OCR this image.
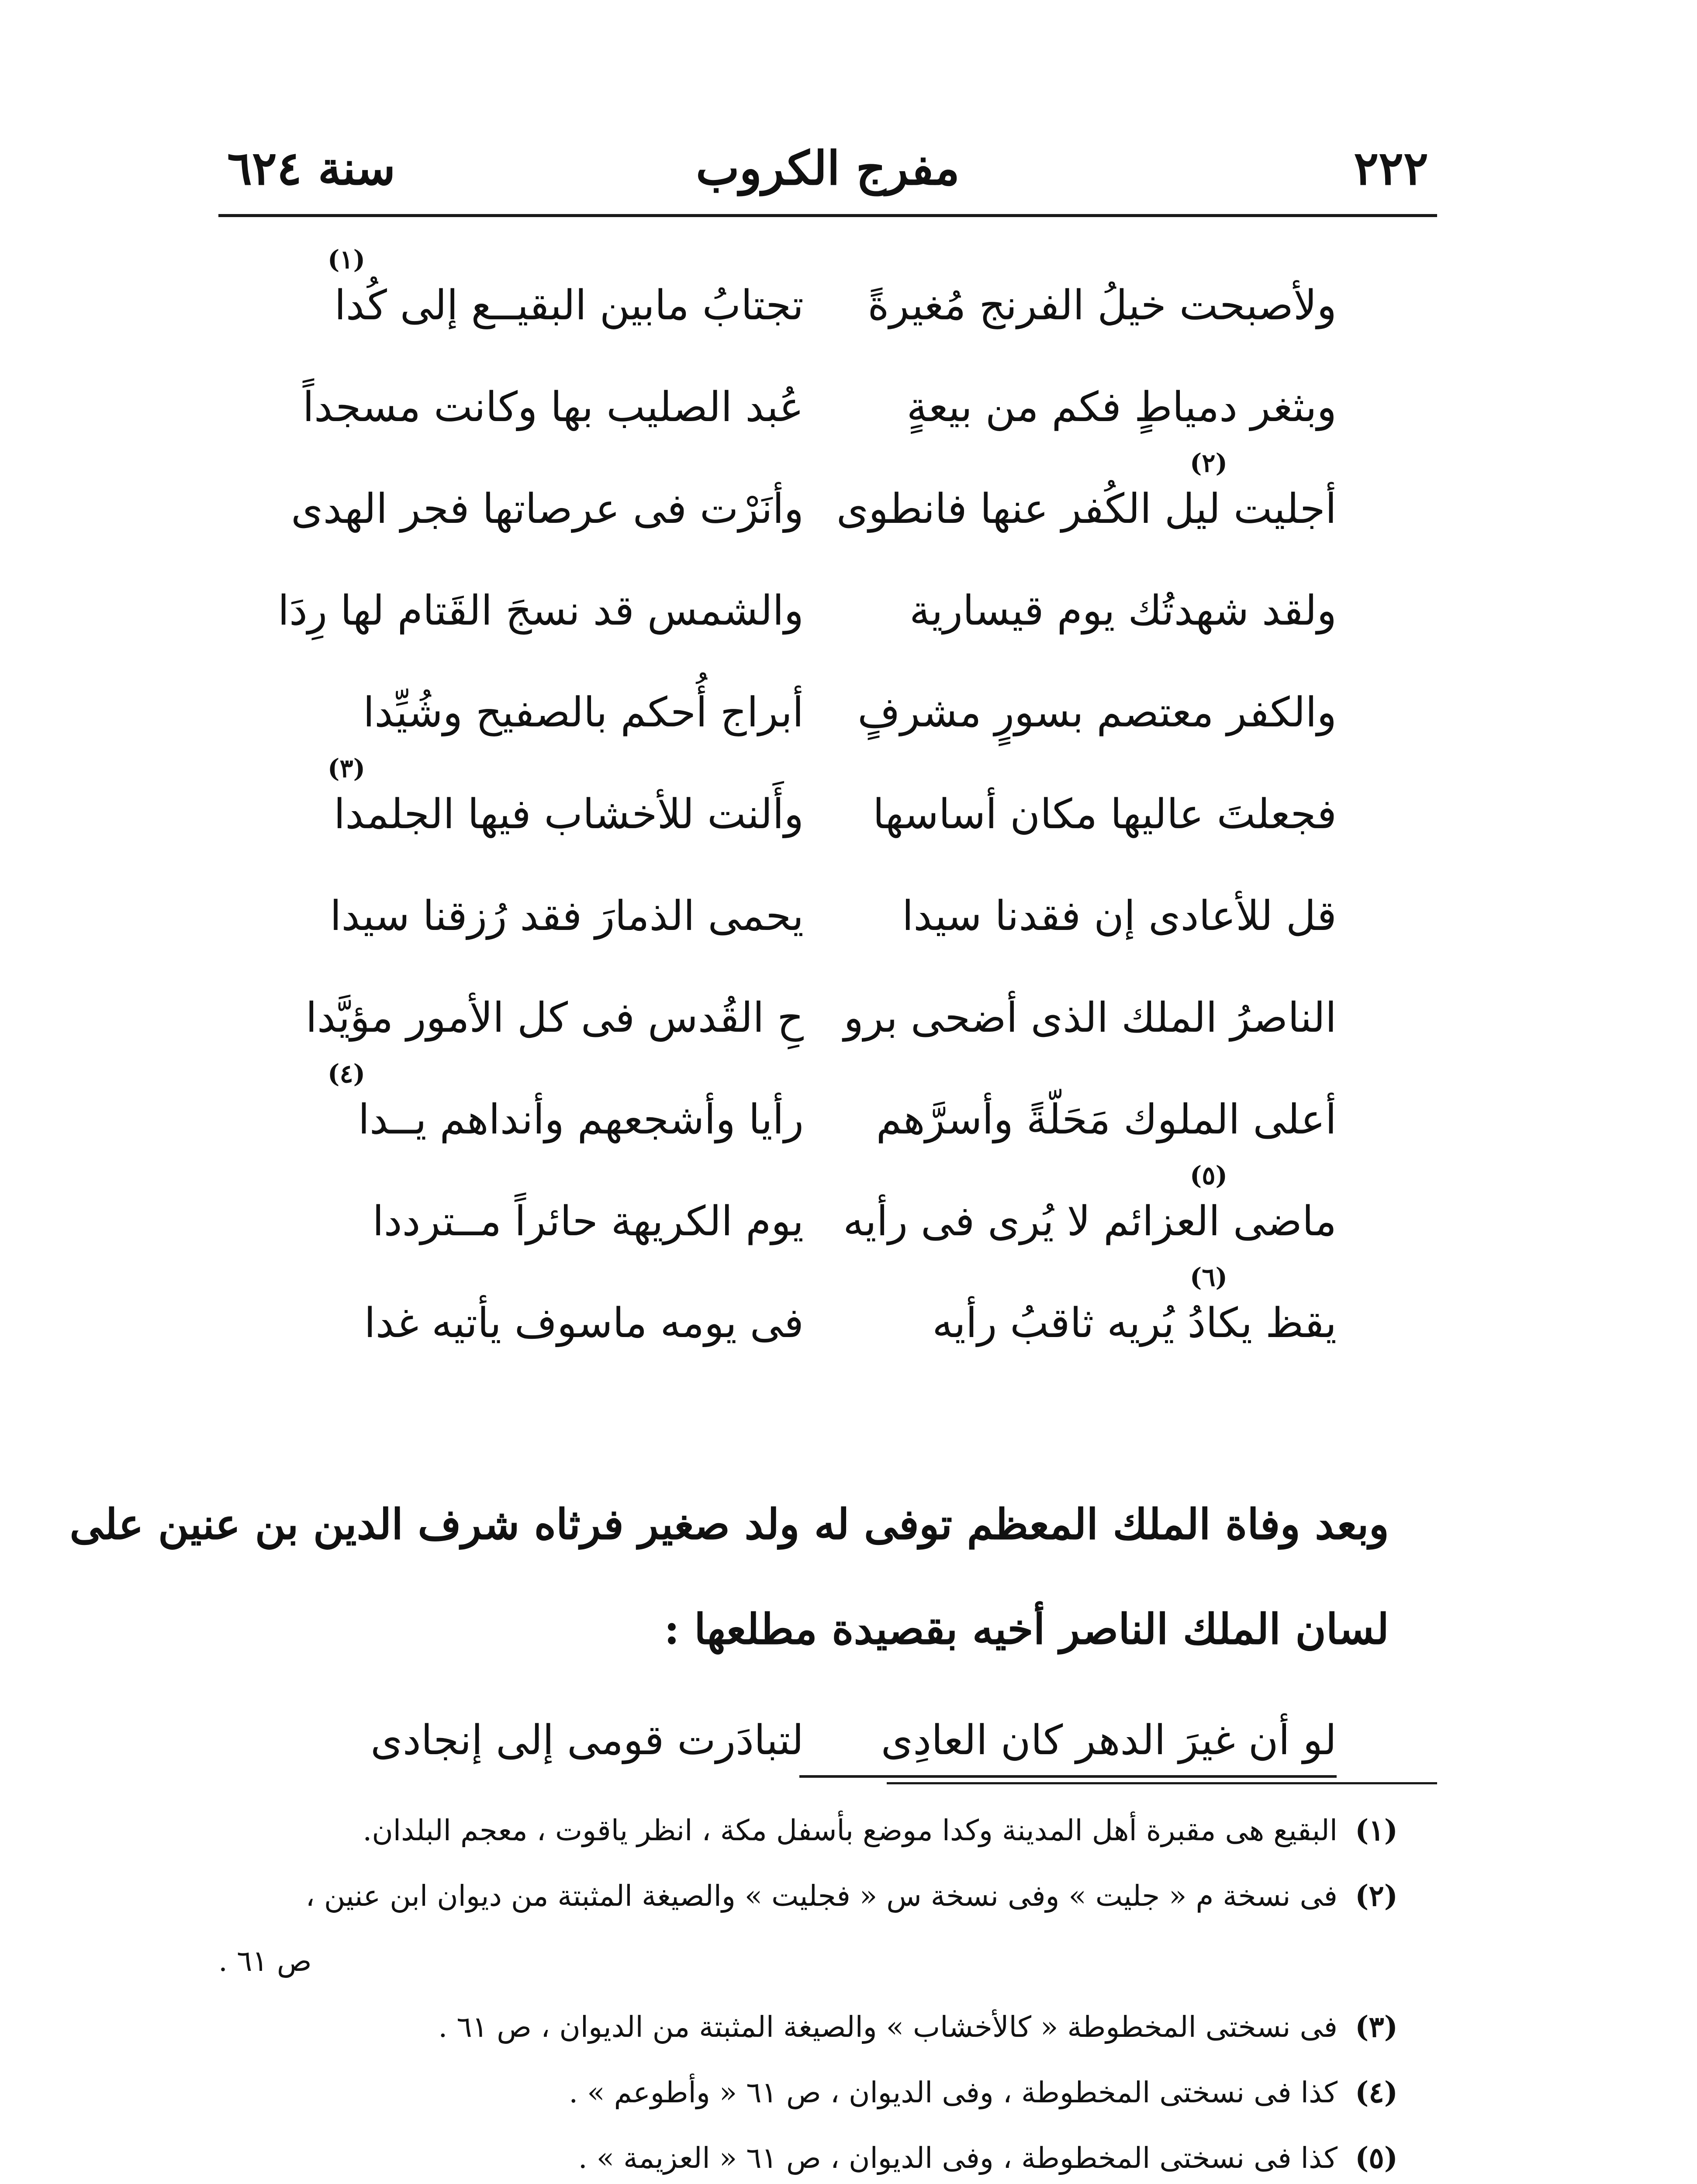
٢٢٢
مفرج الكروب
سنة ٦٢٤
ولأصبحت خيلُ الفرنج مُغيرةً
تجتابُ مابين البقيــع إلى كُدا
(١)
وبثغر دمياطٍ فكم من بيعةٍ
عُبد الصليب بها وكانت مسجداً
أجليت ليل الكُفر عنها فانطوى
وأنَرْت فى عرصاتها فجر الهدى
(٢)
ولقد شهدتُك يوم قيسارية
والشمس قد نسجَ القَتام لها رِدَا
والكفر معتصم بسورٍ مشرفٍ
أبراج أُحكم بالصفيح وشُيِّدا
فجعلتَ عاليها مكان أساسها
وأَلنت للأخشاب فيها الجلمدا
(٣)
قل للأعادى إن فقدنا سيدا
يحمى الذمارَ فقد رُزقنا سيدا
الناصرُ الملك الذى أضحى برو
حِ القُدس فى كل الأمور مؤيَّدا
أعلى الملوك مَحَلّةً وأسرَّهم
رأيا وأشجعهم وأنداهم يــدا
(٤)
ماضى العزائم لا يُرى فى رأيه
يوم الكريهة حائراً مــترددا
(٥)
يقظ يكادُ يُريه ثاقبُ رأيه
فى يومه ماسوف يأتيه غدا
(٦)
وبعد وفاة الملك المعظم توفى له ولد صغير فرثاه شرف الدين بن عنين على
لسان الملك الناصر أخيه بقصيدة مطلعها :
لو أن غيرَ الدهر كان العادِى
لتبادَرت قومى إلى إنجادى
(١)البقيع هى مقبرة أهل المدينة وكدا موضع بأسفل مكة ، انظر ياقوت ، معجم البلدان.
(٢)فى نسخة م « جليت » وفى نسخة س « فجليت » والصيغة المثبتة من ديوان ابن عنين ،
ص ٦١ .
(٣)فى نسختى المخطوطة « كالأخشاب » والصيغة المثبتة من الديوان ، ص ٦١ .
(٤)كذا فى نسختى المخطوطة ، وفى الديوان ، ص ٦١ « وأطوعم » .
(٥)كذا فى نسختى المخطوطة ، وفى الديوان ، ص ٦١ « العزيمة » .
